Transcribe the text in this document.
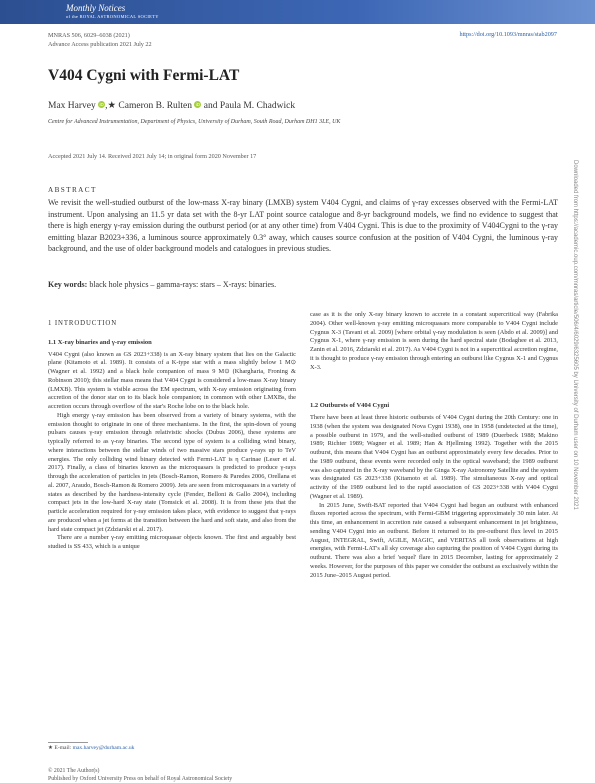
Monthly Notices
of the ROYAL ASTRONOMICAL SOCIETY
MNRAS 506, 6029–6038 (2021)
Advance Access publication 2021 July 22
https://doi.org/10.1093/mnras/stab2097
V404 Cygni with Fermi-LAT
Max Harvey iD,★ Cameron B. Rulten iD and Paula M. Chadwick
Centre for Advanced Instrumentation, Department of Physics, University of Durham, South Road, Durham DH1 3LE, UK
Accepted 2021 July 14. Received 2021 July 14; in original form 2020 November 17
ABSTRACT
We revisit the well-studied outburst of the low-mass X-ray binary (LMXB) system V404 Cygni, and claims of γ-ray excesses observed with the Fermi-LAT instrument. Upon analysing an 11.5 yr data set with the 8-yr LAT point source catalogue and 8-yr background models, we find no evidence to suggest that there is high energy γ-ray emission during the outburst period (or at any other time) from V404 Cygni. This is due to the proximity of V404Cygni to the γ-ray emitting blazar B2023+336, a luminous source approximately 0.3° away, which causes source confusion at the position of V404 Cygni, the luminous γ-ray background, and the use of older background models and catalogues in previous studies.
Key words: black hole physics – gamma-rays: stars – X-rays: binaries.
1 INTRODUCTION
1.1 X-ray binaries and γ-ray emission

V404 Cygni (also known as GS 2023+338) is an X-ray binary system that lies on the Galactic plane (Kitamoto et al. 1989). It consists of a K-type star with a mass slightly below 1 M⊙ (Wagner et al. 1992) and a black hole companion of mass 9 M⊙ (Khargharia, Froning & Robinson 2010); this stellar mass means that V404 Cygni is considered a low-mass X-ray binary (LMXB). This system is visible across the EM spectrum, with X-ray emission originating from accretion of the donor star on to its black hole companion; in common with other LMXBs, the accretion occurs through overflow of the star's Roche lobe on to the black hole.

High energy γ-ray emission has been observed from a variety of binary systems, with the emission thought to originate in one of three mechanisms. In the first, the spin-down of young pulsars causes γ-ray emission through relativistic shocks (Dubus 2006), these systems are typically referred to as γ-ray binaries. The second type of system is a colliding wind binary, where interactions between the stellar winds of two massive stars produce γ-rays up to TeV energies. The only colliding wind binary detected with Fermi-LAT is η Carinae (Leser et al. 2017). Finally, a class of binaries known as the microquasars is predicted to produce γ-rays through the acceleration of particles in jets (Bosch-Ramon, Romero & Paredes 2006, Orellana et al. 2007, Araudo, Bosch-Ramon & Romero 2009). Jets are seen from microquasars in a variety of states as described by the hardness-intensity cycle (Fender, Belloni & Gallo 2004), including compact jets in the low-hard X-ray state (Tomsick et al. 2008). It is from these jets that the particle acceleration required for γ-ray emission takes place, with evidence to suggest that γ-rays are produced when a jet forms at the transition between the hard and soft state, and also from the hard state compact jet (Zdziarski et al. 2017).

There are a number γ-ray emitting microquasar objects known. The first and arguably best studied is SS 433, which is a unique

case as it is the only X-ray binary known to accrete in a constant supercritical way (Fabrika 2004). Other well-known γ-ray emitting microquasars more comparable to V404 Cygni include Cygnus X-3 (Tavani et al. 2009) [where orbital γ-ray modulation is seen (Abdo et al. 2009)] and Cygnus X-1, where γ-ray emission is seen during the hard spectral state (Bodaghee et al. 2013, Zanin et al. 2016, Zdziarski et al. 2017). As V404 Cygni is not in a supercritical accretion regime, it is thought to produce γ-ray emission through entering an outburst like Cygnus X-1 and Cygnus X-3.

1.2 Outbursts of V404 Cygni

There have been at least three historic outbursts of V404 Cygni during the 20th Century: one in 1938 (when the system was designated Nova Cygni 1938), one in 1958 (undetected at the time), a possible outburst in 1979, and the well-studied outburst of 1989 (Duerbeck 1988; Makino 1989; Richter 1989; Wagner et al. 1989; Han & Hjellming 1992). Together with the 2015 outburst, this means that V404 Cygni has an outburst approximately every few decades. Prior to the 1989 outburst, these events were recorded only in the optical waveband; the 1989 outburst was also captured in the X-ray waveband by the Ginga X-ray Astronomy Satellite and the system was designated GS 2023+338 (Kitamoto et al. 1989). The simultaneous X-ray and optical activity of the 1989 outburst led to the rapid association of GS 2023+338 with V404 Cygni (Wagner et al. 1989).

In 2015 June, Swift-BAT reported that V404 Cygni had begun an outburst with enhanced fluxes reported across the spectrum, with Fermi-GBM triggering approximately 30 min later. At this time, an enhancement in accretion rate caused a subsequent enhancement in jet brightness, sending V404 Cygni into an outburst. Before it returned to its pre-outburst flux level in 2015 August, INTEGRAL, Swift, AGILE, MAGIC, and VERITAS all took observations at high energies, with Fermi-LAT's all sky coverage also capturing the position of V404 Cygni during its outburst. There was also a brief 'sequel' flare in 2015 December, lasting for approximately 2 weeks. However, for the purposes of this paper we consider the outburst as exclusively within the 2015 June–2015 August period.

Downloaded from https://academic.oup.com/mnras/article/506/4/6029/6325605 by University of Durham user on 10 November 2021
★ E-mail: max.harvey@durham.ac.uk
© 2021 The Author(s)
Published by Oxford University Press on behalf of Royal Astronomical Society
